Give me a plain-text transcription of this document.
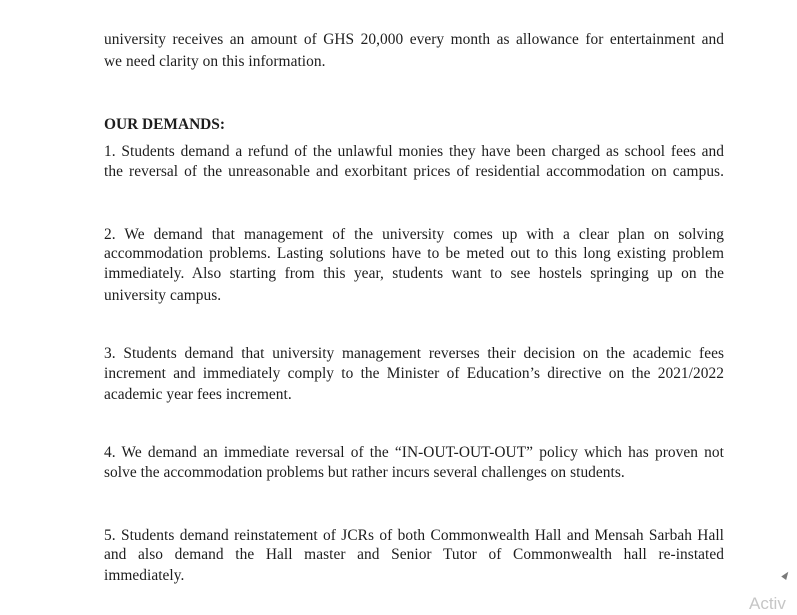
university receives an amount of GHS 20,000 every month as allowance for entertainment and
we need clarity on this information.
OUR DEMANDS:
1. Students demand a refund of the unlawful monies they have been charged as school fees and
the reversal of the unreasonable and exorbitant prices of residential accommodation on campus.
2. We demand that management of the university comes up with a clear plan on solving
accommodation problems. Lasting solutions have to be meted out to this long existing problem
immediately. Also starting from this year, students want to see hostels springing up on the
university campus.
3. Students demand that university management reverses their decision on the academic fees
increment and immediately comply to the Minister of Education’s directive on the 2021/2022
academic year fees increment.
4. We demand an immediate reversal of the “IN-OUT-OUT-OUT” policy which has proven not
solve the accommodation problems but rather incurs several challenges on students.
5. Students demand reinstatement of JCRs of both Commonwealth Hall and Mensah Sarbah Hall
and also demand the Hall master and Senior Tutor of Commonwealth hall re-instated
immediately.
Activ
